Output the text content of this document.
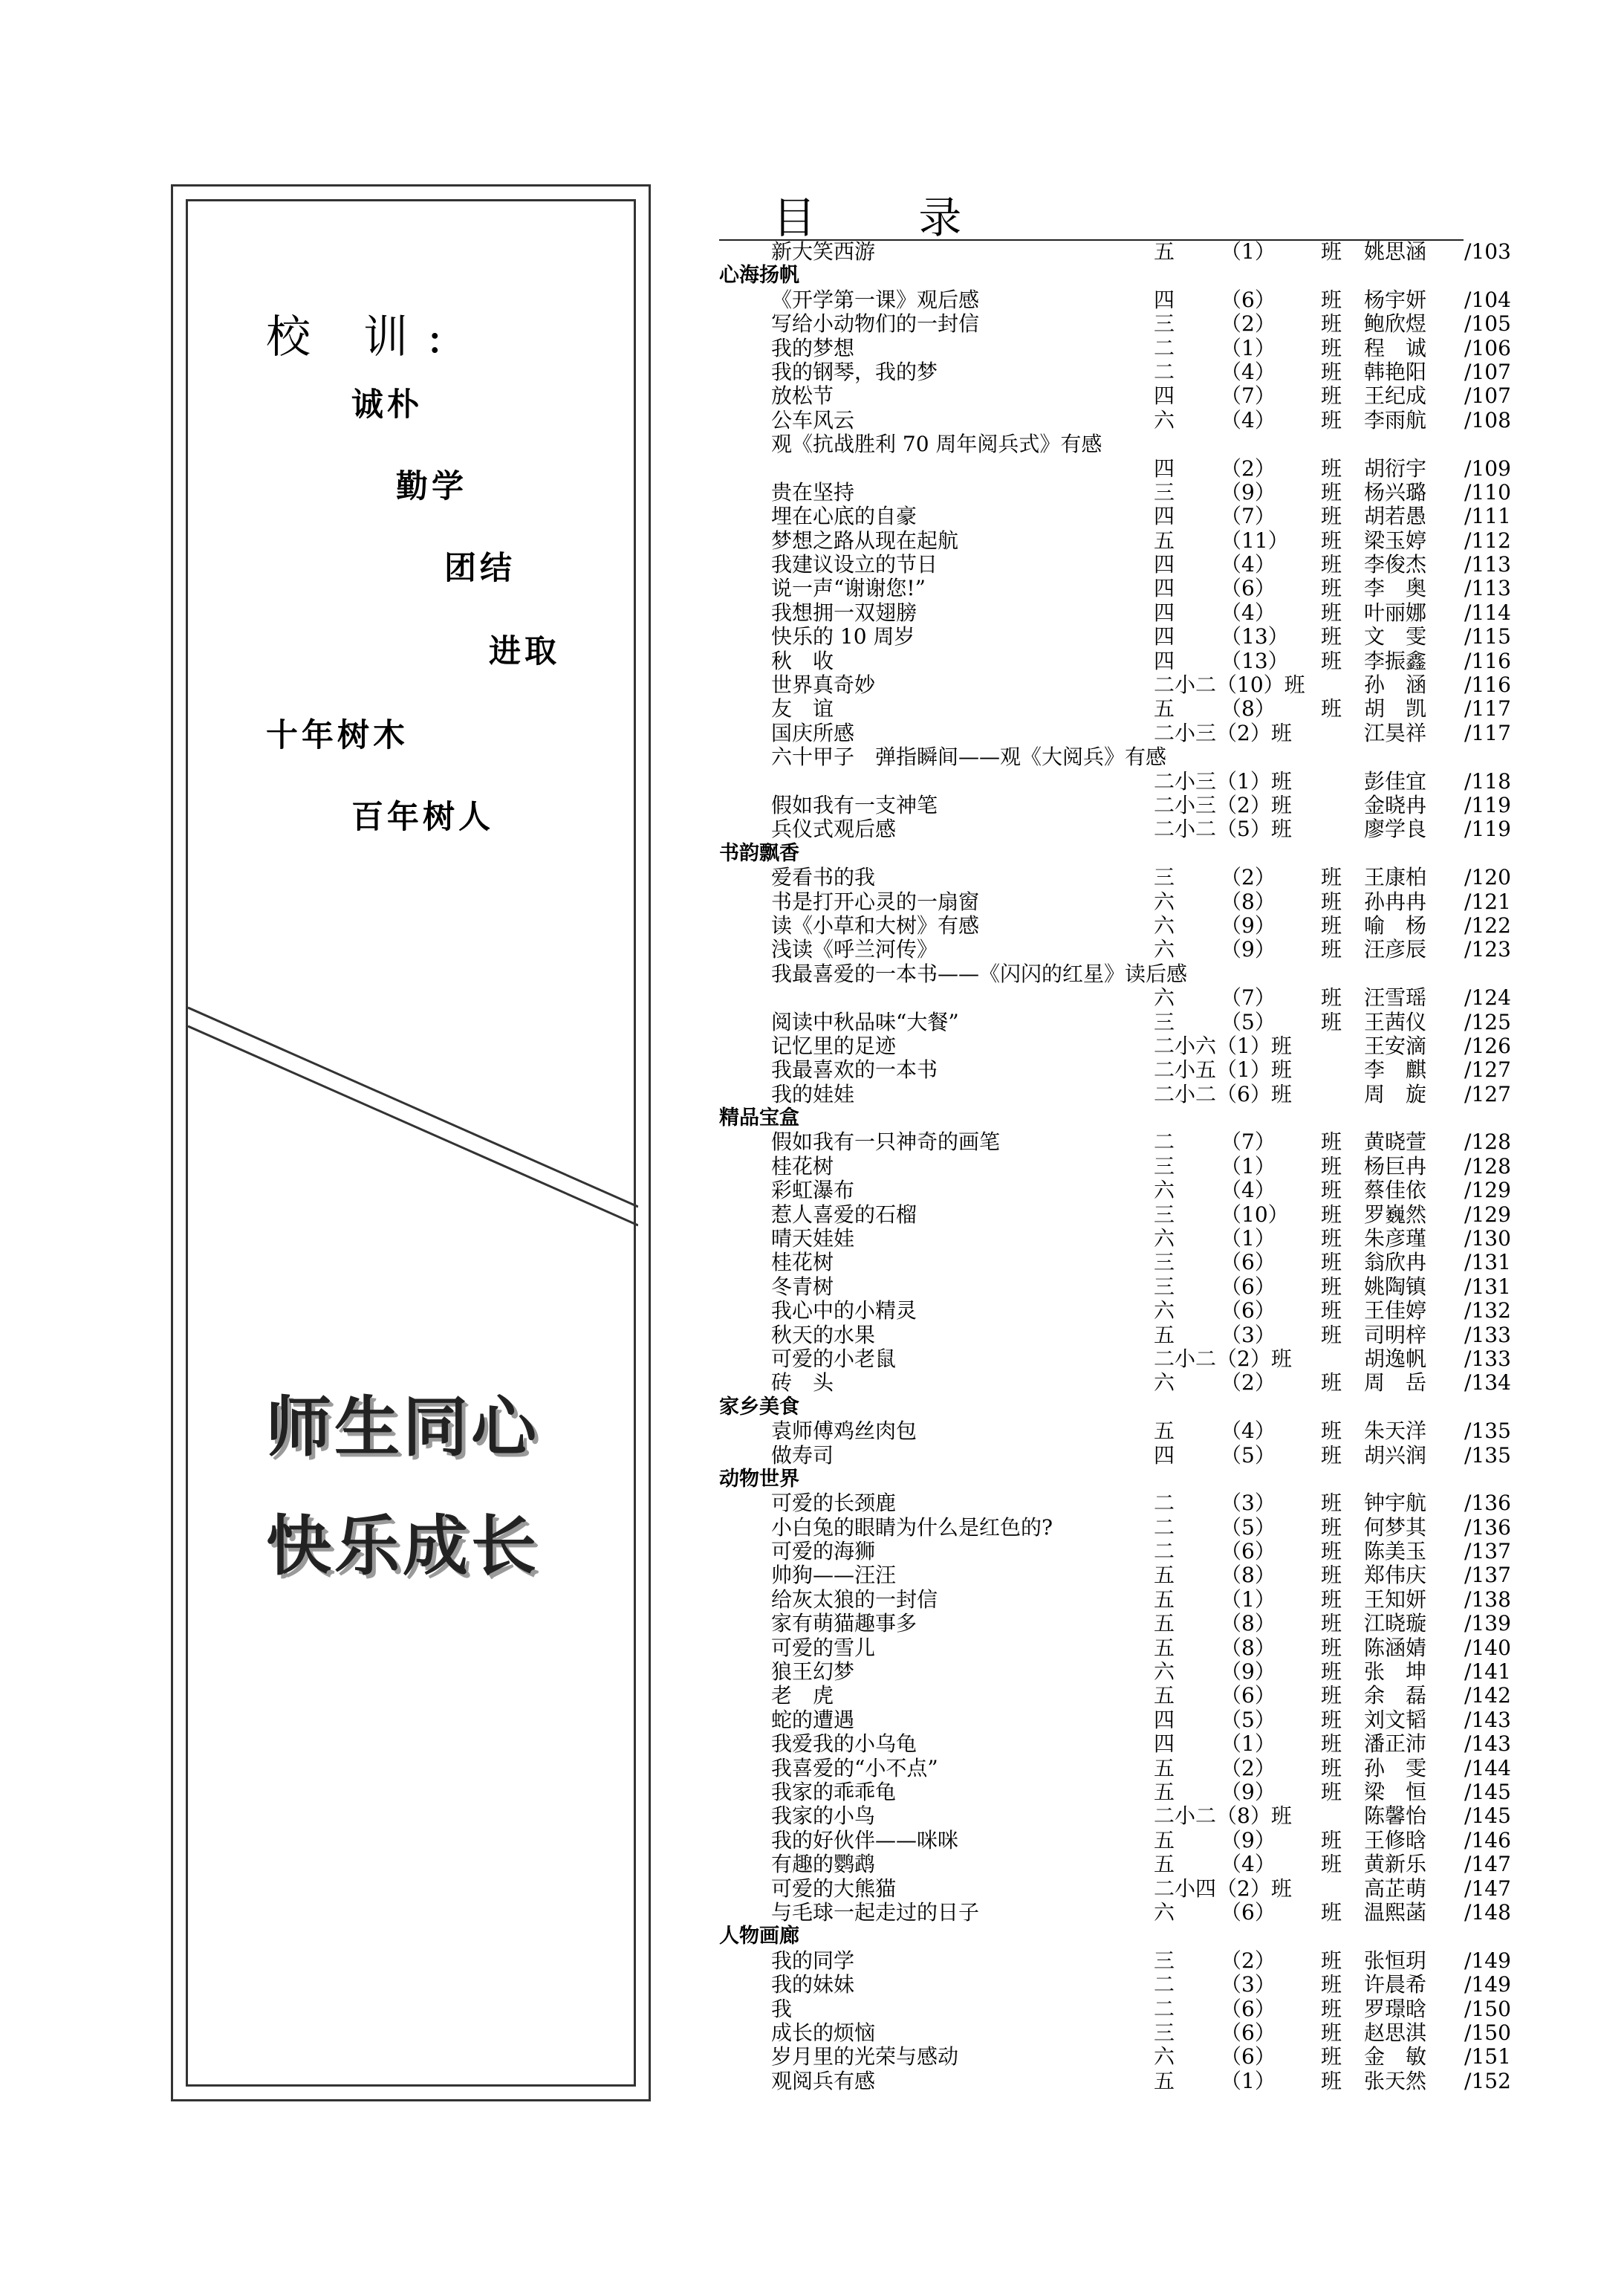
校 训:
诚朴
勤学
团结
进取
十年树木
百年树人
师生同心
快乐成长
目 录
新大笑西游	五 （1） 班 姚思涵	/ 103
心海扬帆
《开学第一课》观后感	四 （6） 班 杨宇妍	/ 104
写给小动物们的一封信	三 （2） 班 鲍欣煜	/ 105
我的梦想	二 （1） 班 程　诚	/ 106
我的钢琴，我的梦	二 （4） 班 韩艳阳	/ 107
放松节	四 （7） 班 王纪成	/ 107
公车风云	六 （4） 班 李雨航	/ 108
观《抗战胜利 70 周年阅兵式》有感
四 （2） 班 胡衍宇	/ 109
贵在坚持	三 （9） 班 杨兴璐	/ 110
埋在心底的自豪	四 （7） 班 胡若愚	/ 111
梦想之路从现在起航	五 （11） 班 梁玉婷	/ 112
我建议设立的节日	四 （4） 班 李俊杰	/ 113
说一声“谢谢您!”	四 （6） 班 李　奥	/ 113
我想拥一双翅膀	四 （4） 班 叶丽娜	/ 114
快乐的 10 周岁	四 （13） 班 文　雯	/ 115
秋　收	四 （13） 班 李振鑫	/ 116
世界真奇妙	二小二（10）班	孙　涵	/ 116
友　谊	五 （8） 班 胡　凯	/ 117
国庆所感	二小三（2）班	江昊祥	/ 117
六十甲子　弹指瞬间——观《大阅兵》有感
二小三（1）班	彭佳宜	/ 118
假如我有一支神笔	二小三（2）班	金晓冉	/ 119
兵仪式观后感	二小二（5）班	廖学良	/ 119
书韵飘香
爱看书的我	三 （2） 班 王康柏	/ 120
书是打开心灵的一扇窗	六 （8） 班 孙冉冉	/ 121
读《小草和大树》有感	六 （9） 班 喻　杨	/ 122
浅读《呼兰河传》	六 （9） 班 汪彦辰	/ 123
我最喜爱的一本书——《闪闪的红星》读后感
六 （7） 班 汪雪瑶	/ 124
阅读中秋品味“大餐”	三 （5） 班 王茜仪	/ 125
记忆里的足迹	二小六（1）班	王安滴	/ 126
我最喜欢的一本书	二小五（1）班	李　麒	/ 127
我的娃娃	二小二（6）班	周　旋	/ 127
精品宝盒
假如我有一只神奇的画笔	二 （7） 班 黄晓萱	/ 128
桂花树	三 （1） 班 杨巨冉	/ 128
彩虹瀑布	六 （4） 班 蔡佳依	/ 129
惹人喜爱的石榴	三 （10） 班 罗巍然	/ 129
晴天娃娃	六 （1） 班 朱彦瑾	/ 130
桂花树	三 （6） 班 翁欣冉	/ 131
冬青树	三 （6） 班 姚陶镇	/ 131
我心中的小精灵	六 （6） 班 王佳婷	/ 132
秋天的水果	五 （3） 班 司明梓	/ 133
可爱的小老鼠	二小二（2）班	胡逸帆	/ 133
砖　头	六 （2） 班 周　岳	/ 134
家乡美食
袁师傅鸡丝肉包	五 （4） 班 朱天洋	/ 135
做寿司	四 （5） 班 胡兴润	/ 135
动物世界
可爱的长颈鹿	二 （3） 班 钟宇航	/ 136
小白兔的眼睛为什么是红色的?	二 （5） 班 何梦其	/ 136
可爱的海狮	二 （6） 班 陈美玉	/ 137
帅狗——汪汪	五 （8） 班 郑伟庆	/ 137
给灰太狼的一封信	五 （1） 班 王知妍	/ 138
家有萌猫趣事多	五 （8） 班 江晓璇	/ 139
可爱的雪儿	五 （8） 班 陈涵婧	/ 140
狼王幻梦	六 （9） 班 张　坤	/ 141
老　虎	五 （6） 班 余　磊	/ 142
蛇的遭遇	四 （5） 班 刘文韬	/ 143
我爱我的小乌龟	四 （1） 班 潘正沛	/ 143
我喜爱的“小不点”	五 （2） 班 孙　雯	/ 144
我家的乖乖龟	五 （9） 班 梁　恒	/ 145
我家的小鸟	二小二（8）班	陈馨怡	/ 145
我的好伙伴——咪咪	五 （9） 班 王修晗	/ 146
有趣的鹦鹉	五 （4） 班 黄新乐	/ 147
可爱的大熊猫	二小四（2）班	高芷萌	/ 147
与毛球一起走过的日子	六 （6） 班 温熙菡	/ 148
人物画廊
我的同学	三 （2） 班 张恒玥	/ 149
我的妹妹	二 （3） 班 许晨希	/ 149
我	二 （6） 班 罗璟晗	/ 150
成长的烦恼	三 （6） 班 赵思淇	/ 150
岁月里的光荣与感动	六 （6） 班 金　敏	/ 151
观阅兵有感	五 （1） 班 张天然	/ 152
